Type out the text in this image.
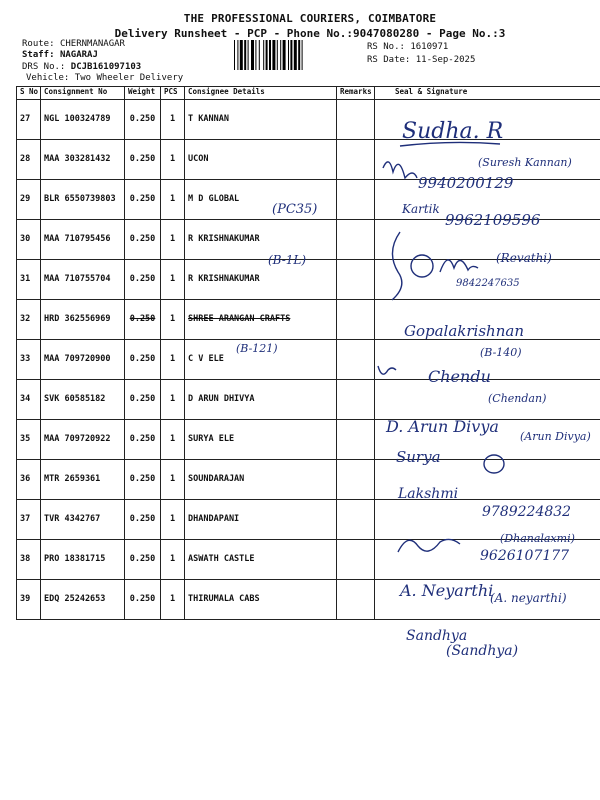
THE PROFESSIONAL COURIERS, COIMBATORE
Delivery Runsheet - PCP - Phone No.:9047080280 - Page No.:3
Route: CHERNMANAGAR
Staff: NAGARAJ
DRS No.: DCJB161097103
Vehicle: Two Wheeler Delivery
RS No.: 1610971
RS Date: 11-Sep-2025
S No	Consignment No	Weight	PCS	Consignee Details	Remarks	Seal & Signature
27	NGL 100324789	0.250	1	T KANNAN		
28	MAA 303281432	0.250	1	UCON		
29	BLR 6550739803	0.250	1	M D GLOBAL		
30	MAA 710795456	0.250	1	R KRISHNAKUMAR		
31	MAA 710755704	0.250	1	R KRISHNAKUMAR		
32	HRD 362556969	0.250	1	SHREE ARANGAN CRAFTS		
33	MAA 709720900	0.250	1	C V ELE		
34	SVK 60585182	0.250	1	D ARUN DHIVYA		
35	MAA 709720922	0.250	1	SURYA ELE		
36	MTR 2659361	0.250	1	SOUNDARAJAN		
37	TVR 4342767	0.250	1	DHANDAPANI		
38	PRO 18381715	0.250	1	ASWATH CASTLE		
39	EDQ 25242653	0.250	1	THIRUMALA CABS		
Sudha. R
(Suresh Kannan)
9940200129
(PC35)	Kartik
9962109596
(B-1L)	(Revathi)
9842247635
Gopalakrishnan
(B-121)	(B-140)
Chendu
(Chendan)
D. Arun Divya
(Arun Divya)
Surya
Lakshmi
9789224832
(Dhanalaxmi)
9626107177
A. Neyarthi
(A. neyarthi)
Sandhya
(Sandhya)
